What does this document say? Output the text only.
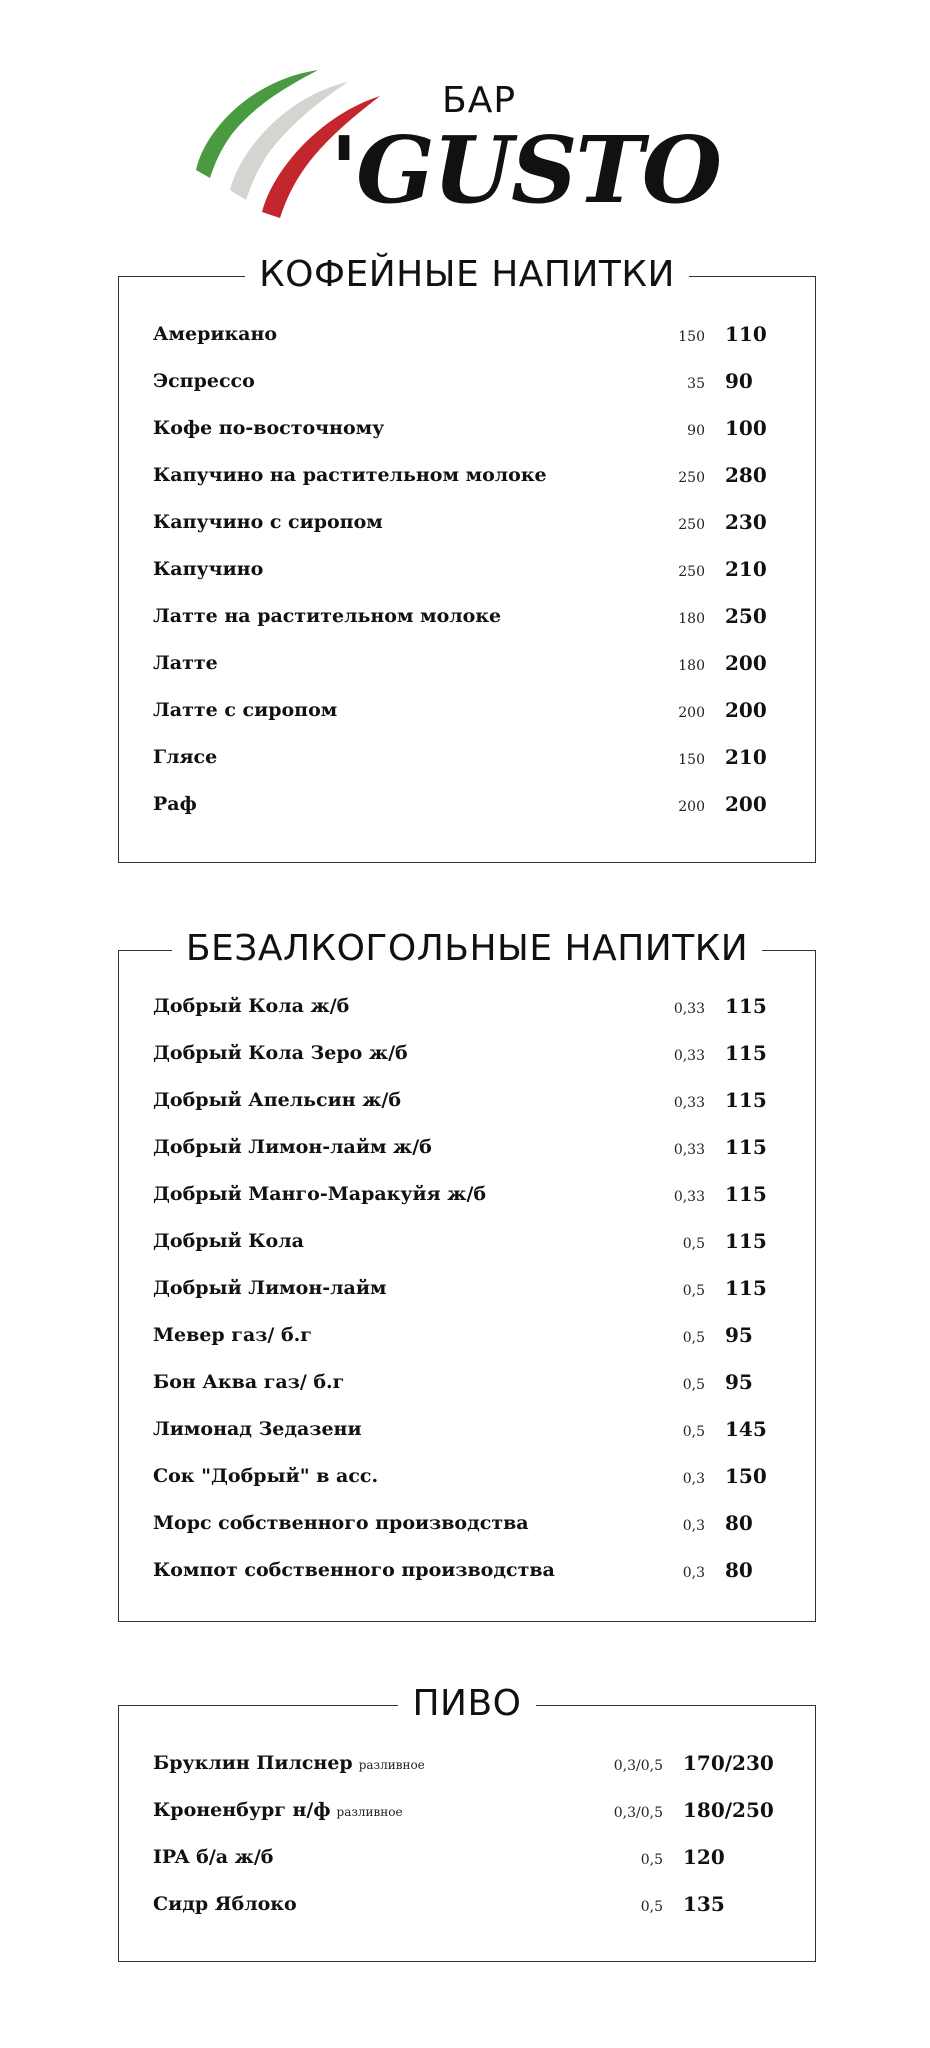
БАР
'GUSTO
КОФЕЙНЫЕ НАПИТКИ
Американо	150 110
Эспрессо	35 90
Кофе по-восточному	90 100
Капучино на растительном молоке	250 280
Капучино с сиропом	250 230
Капучино	250 210
Латте на растительном молоке	180 250
Латте	180 200
Латте с сиропом	200 200
Глясе	150 210
Раф	200 200
БЕЗАЛКОГОЛЬНЫЕ НАПИТКИ
Добрый Кола ж/б	0,33 115
Добрый Кола Зеро ж/б	0,33 115
Добрый Апельсин ж/б	0,33 115
Добрый Лимон-лайм ж/б	0,33 115
Добрый Манго-Маракуйя ж/б	0,33 115
Добрый Кола	0,5 115
Добрый Лимон-лайм	0,5 115
Мевер газ/ б.г	0,5 95
Бон Аква газ/ б.г	0,5 95
Лимонад Зедазени	0,5 145
Сок "Добрый" в асс.	0,3 150
Морс собственного производства	0,3 80
Компот собственного производства	0,3 80
ПИВО
Бруклин Пилснер разливное	0,3/0,5 170/230
Кроненбург н/ф разливное	0,3/0,5 180/250
IPA б/а ж/б	0,5 120
Сидр Яблоко	0,5 135
